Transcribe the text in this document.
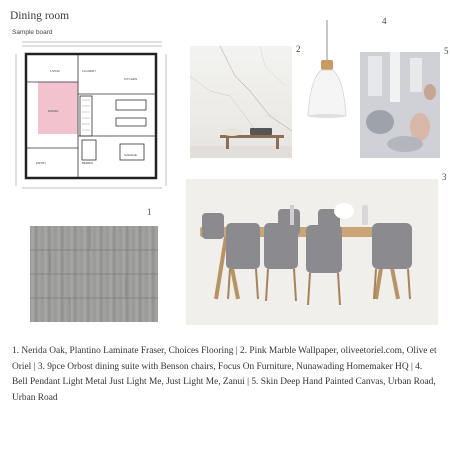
Dining room
Sample board
LIVING	LAUNDRY
KITCHEN
DINING
ENTRY	BEDRM
GARAGE
2
4
5
3
1
1. Nerida Oak, Plantino Laminate Fraser, Choices Flooring | 2. Pink Marble Wallpaper, oliveetoriel.com, Olive et Oriel | 3. 9pce Orbost dining suite with Benson chairs, Focus On Furniture, Nunawading Homemaker HQ | 4. Bell Pendant Light Metal Just Light Me, Just Light Me, Zanui | 5. Skin Deep Hand Painted Canvas, Urban Road, Urban Road
